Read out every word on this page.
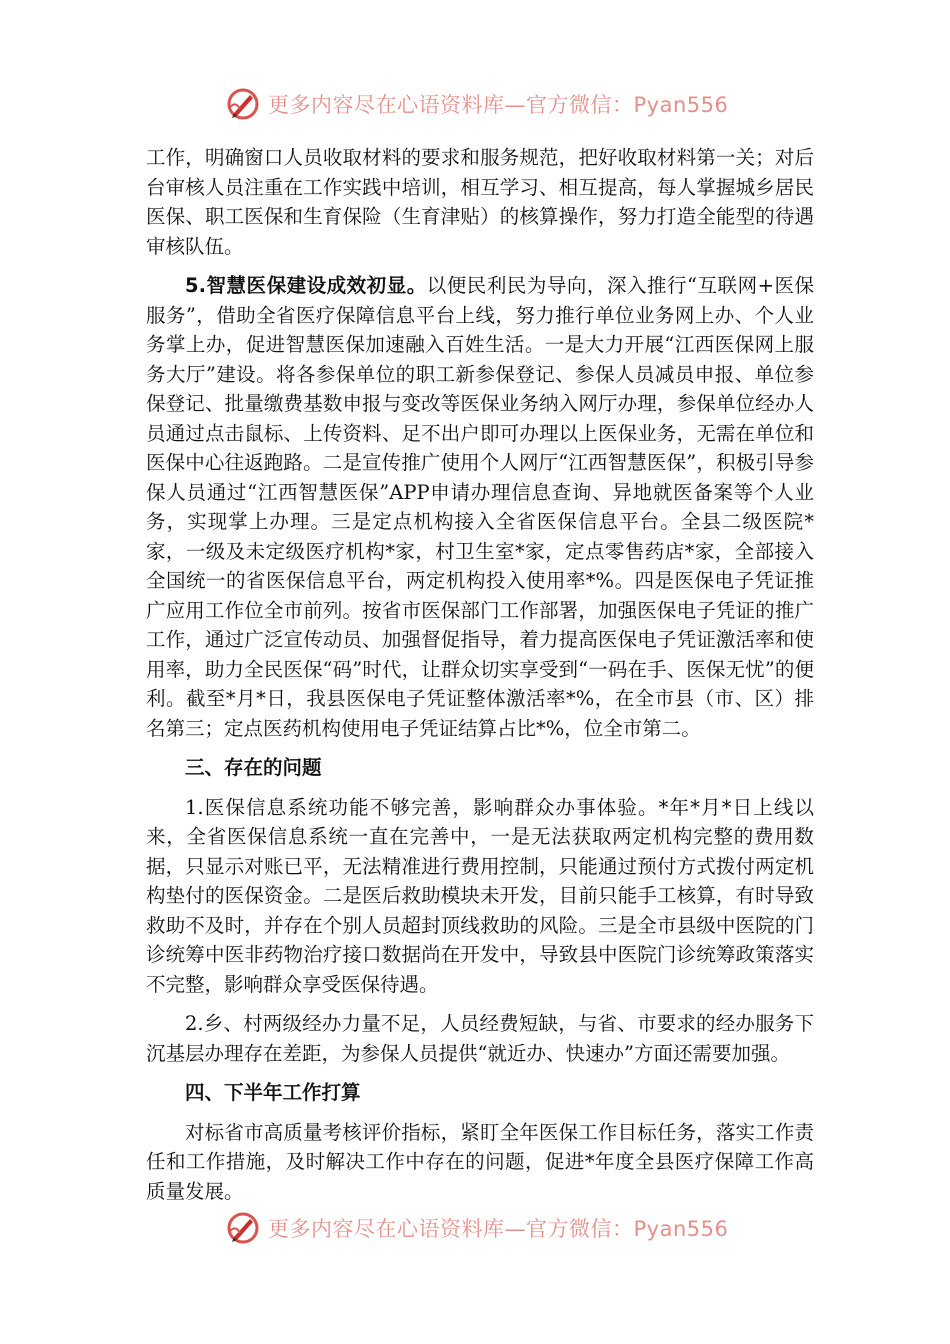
更多内容尽在心语资料库—官方微信：Pyan556

工作，明确窗口人员收取材料的要求和服务规范，把好收取材料第一关；对后台审核人员注重在工作实践中培训，相互学习、相互提高，每人掌握城乡居民医保、职工医保和生育保险（生育津贴）的核算操作，努力打造全能型的待遇审核队伍。

5.智慧医保建设成效初显。以便民利民为导向，深入推行“互联网+医保服务”，借助全省医疗保障信息平台上线，努力推行单位业务网上办、个人业务掌上办，促进智慧医保加速融入百姓生活。一是大力开展“江西医保网上服务大厅”建设。将各参保单位的职工新参保登记、参保人员减员申报、单位参保登记、批量缴费基数申报与变改等医保业务纳入网厅办理，参保单位经办人员通过点击鼠标、上传资料、足不出户即可办理以上医保业务，无需在单位和医保中心往返跑路。二是宣传推广使用个人网厅“江西智慧医保”，积极引导参保人员通过“江西智慧医保”APP申请办理信息查询、异地就医备案等个人业务，实现掌上办理。三是定点机构接入全省医保信息平台。全县二级医院*家，一级及未定级医疗机构*家，村卫生室*家，定点零售药店*家，全部接入全国统一的省医保信息平台，两定机构投入使用率*%。四是医保电子凭证推广应用工作位全市前列。按省市医保部门工作部署，加强医保电子凭证的推广工作，通过广泛宣传动员、加强督促指导，着力提高医保电子凭证激活率和使用率，助力全民医保“码”时代，让群众切实享受到“一码在手、医保无忧”的便利。截至*月*日，我县医保电子凭证整体激活率*%，在全市县（市、区）排名第三；定点医药机构使用电子凭证结算占比*%，位全市第二。

三、存在的问题

1.医保信息系统功能不够完善，影响群众办事体验。*年*月*日上线以来，全省医保信息系统一直在完善中，一是无法获取两定机构完整的费用数据，只显示对账已平，无法精准进行费用控制，只能通过预付方式拨付两定机构垫付的医保资金。二是医后救助模块未开发，目前只能手工核算，有时导致救助不及时，并存在个别人员超封顶线救助的风险。三是全市县级中医院的门诊统筹中医非药物治疗接口数据尚在开发中，导致县中医院门诊统筹政策落实不完整，影响群众享受医保待遇。

2.乡、村两级经办力量不足，人员经费短缺，与省、市要求的经办服务下沉基层办理存在差距，为参保人员提供“就近办、快速办”方面还需要加强。

四、下半年工作打算

对标省市高质量考核评价指标，紧盯全年医保工作目标任务，落实工作责任和工作措施，及时解决工作中存在的问题，促进*年度全县医疗保障工作高质量发展。

更多内容尽在心语资料库—官方微信：Pyan556
